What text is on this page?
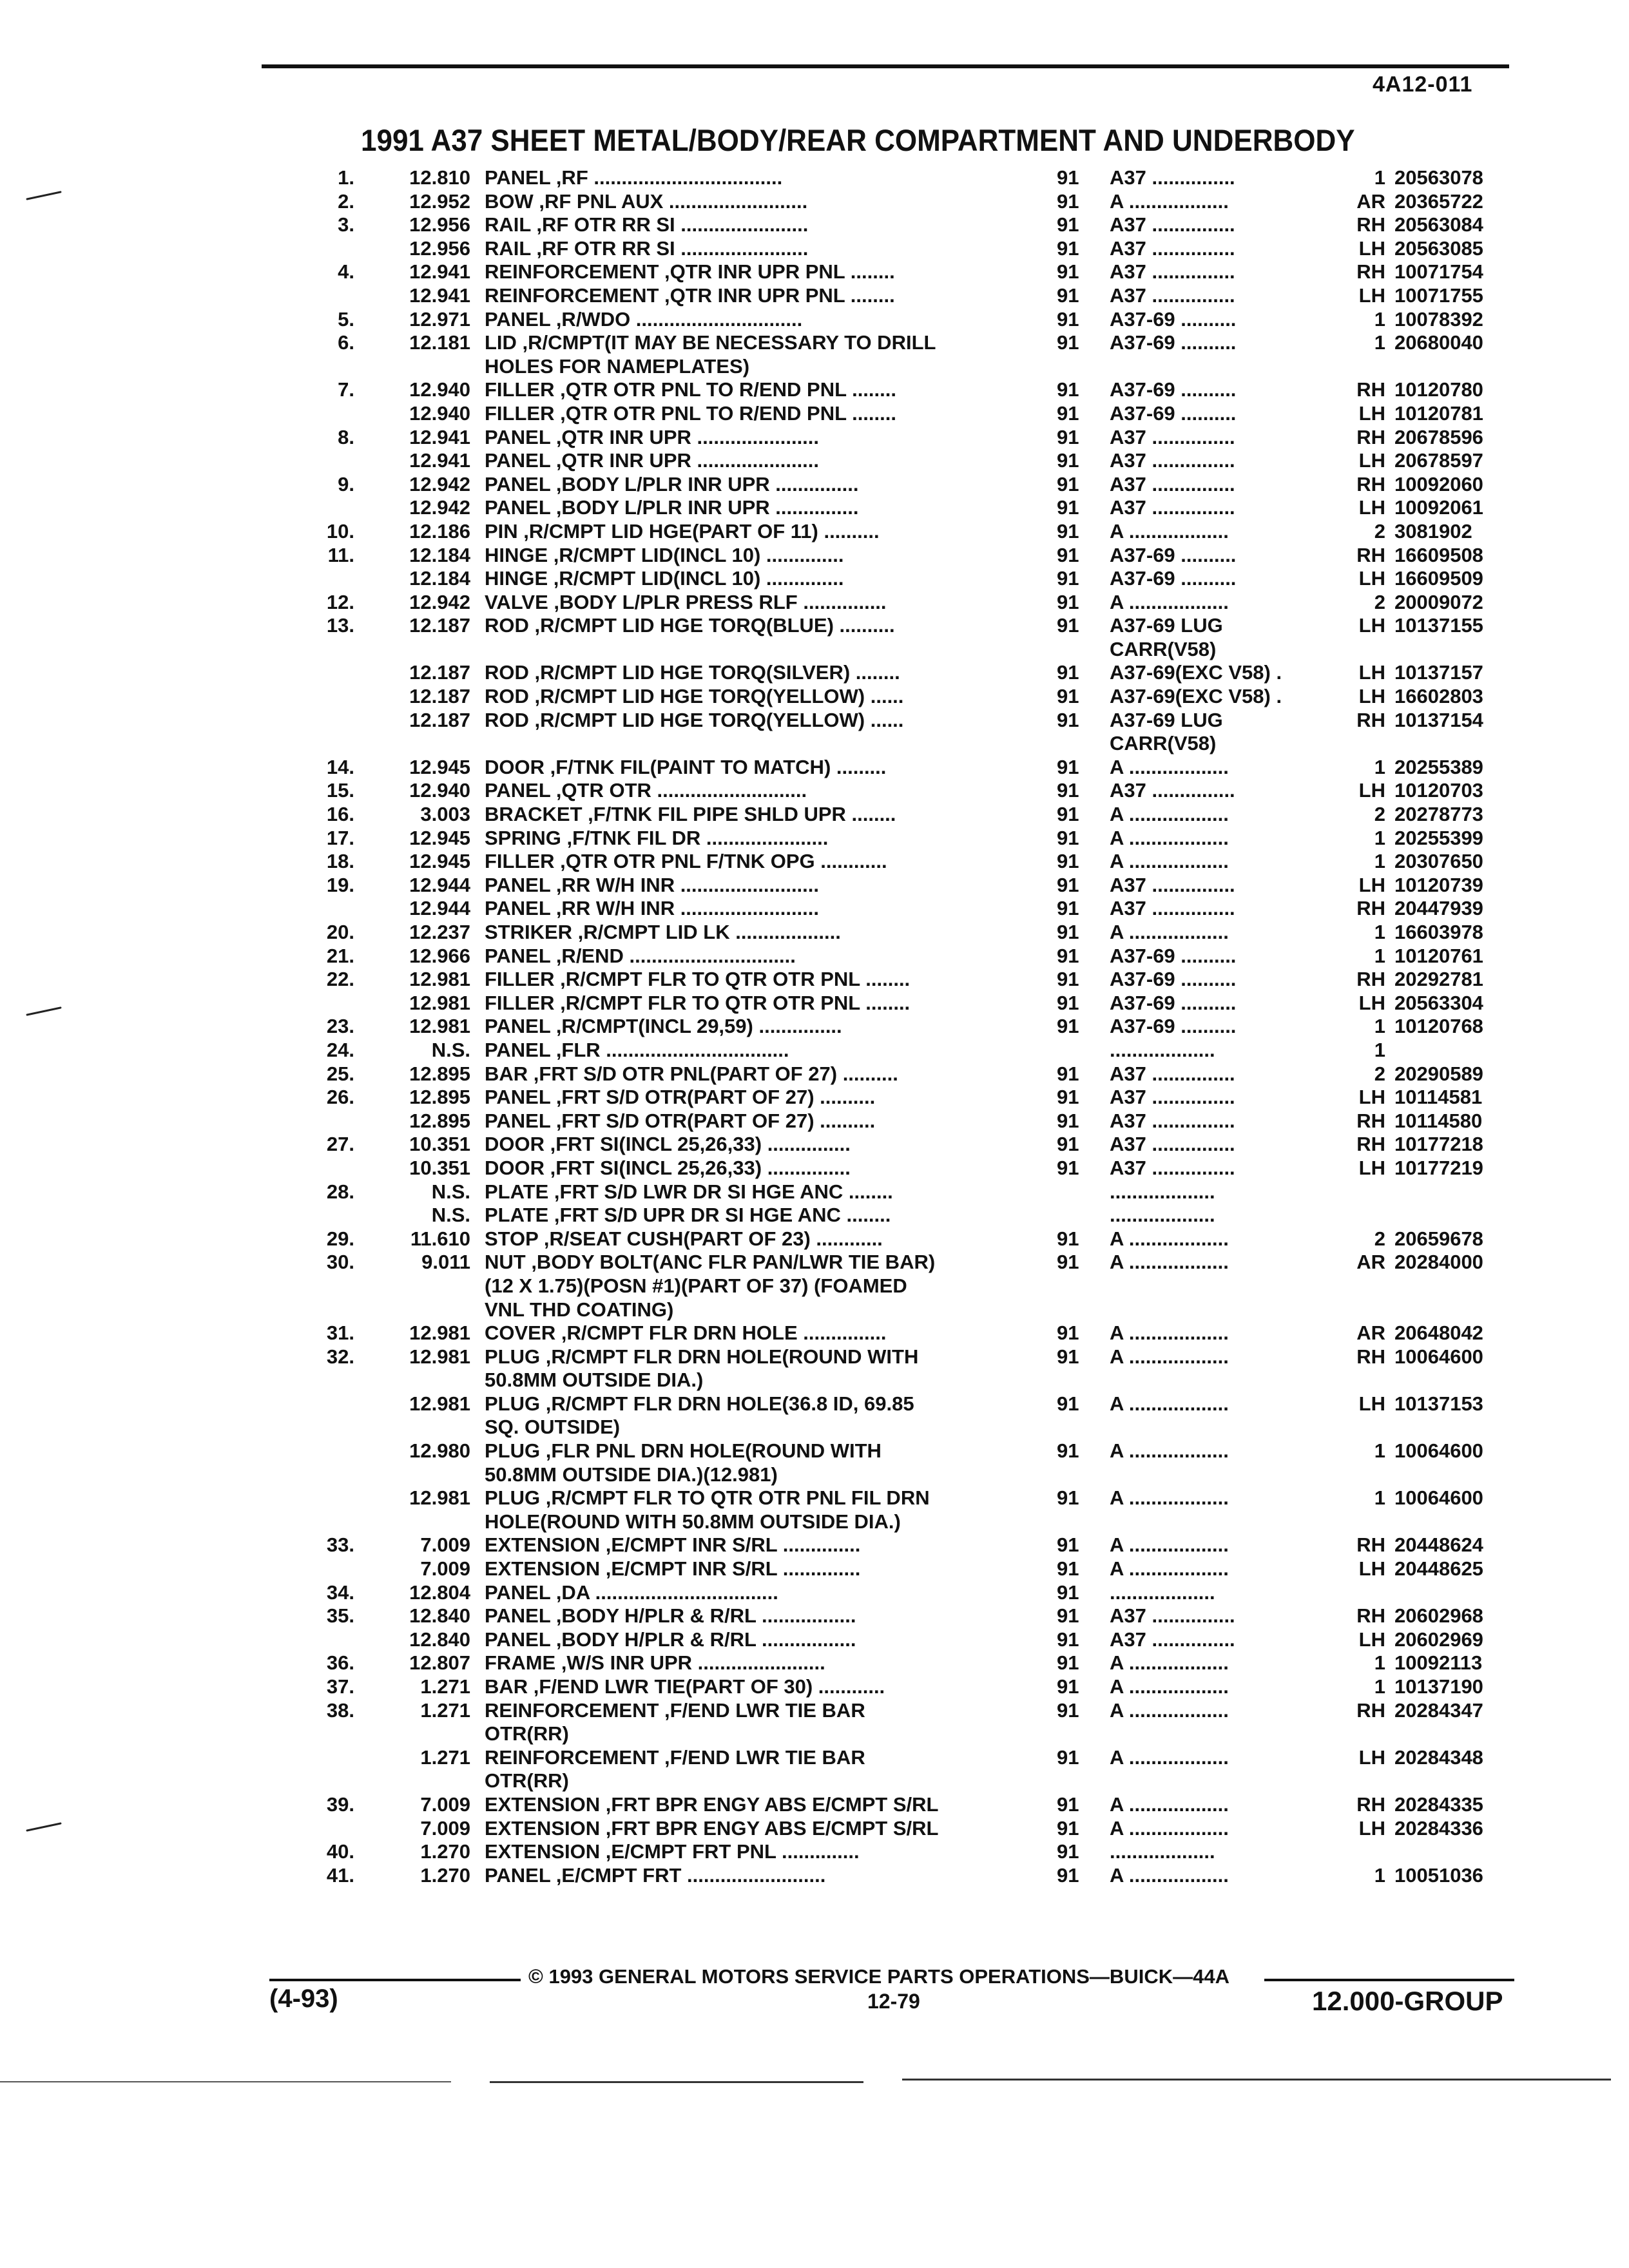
4A12-011
1991 A37 SHEET METAL/BODY/REAR COMPARTMENT AND UNDERBODY
1.	12.810 PANEL ,RF ..................................	91	A37 ...............	1 20563078
2.	12.952 BOW ,RF PNL AUX .........................	91	A ..................	AR 20365722
3.	12.956 RAIL ,RF OTR RR SI .......................	91	A37 ...............	RH 20563084
12.956 RAIL ,RF OTR RR SI .......................	91	A37 ...............	LH 20563085
4.	12.941 REINFORCEMENT ,QTR INR UPR PNL ........	91	A37 ...............	RH 10071754
12.941 REINFORCEMENT ,QTR INR UPR PNL ........	91	A37 ...............	LH 10071755
5.	12.971 PANEL ,R/WDO ..............................	91	A37-69 ..........	1 10078392
6.	12.181 LID ,R/CMPT(IT MAY BE NECESSARY TO DRILL	91	A37-69 ..........	1 20680040
HOLES FOR NAMEPLATES)
7.	12.940 FILLER ,QTR OTR PNL TO R/END PNL ........	91	A37-69 ..........	RH 10120780
12.940 FILLER ,QTR OTR PNL TO R/END PNL ........	91	A37-69 ..........	LH 10120781
8.	12.941 PANEL ,QTR INR UPR ......................	91	A37 ...............	RH 20678596
12.941 PANEL ,QTR INR UPR ......................	91	A37 ...............	LH 20678597
9.	12.942 PANEL ,BODY L/PLR INR UPR ...............	91	A37 ...............	RH 10092060
12.942 PANEL ,BODY L/PLR INR UPR ...............	91	A37 ...............	LH 10092061
10.	12.186 PIN ,R/CMPT LID HGE(PART OF 11) ..........	91	A ..................	2 3081902
11.	12.184 HINGE ,R/CMPT LID(INCL 10) ..............	91	A37-69 ..........	RH 16609508
12.184 HINGE ,R/CMPT LID(INCL 10) ..............	91	A37-69 ..........	LH 16609509
12.	12.942 VALVE ,BODY L/PLR PRESS RLF ...............	91	A ..................	2 20009072
13.	12.187 ROD ,R/CMPT LID HGE TORQ(BLUE) ..........	91	A37-69 LUG	LH 10137155
CARR(V58)
12.187 ROD ,R/CMPT LID HGE TORQ(SILVER) ........	91	A37-69(EXC V58) .	LH 10137157
12.187 ROD ,R/CMPT LID HGE TORQ(YELLOW) ......	91	A37-69(EXC V58) .	LH 16602803
12.187 ROD ,R/CMPT LID HGE TORQ(YELLOW) ......	91	A37-69 LUG	RH 10137154
CARR(V58)
14.	12.945 DOOR ,F/TNK FIL(PAINT TO MATCH) .........	91	A ..................	1 20255389
15.	12.940 PANEL ,QTR OTR ...........................	91	A37 ...............	LH 10120703
16.	3.003 BRACKET ,F/TNK FIL PIPE SHLD UPR ........	91	A ..................	2 20278773
17.	12.945 SPRING ,F/TNK FIL DR ......................	91	A ..................	1 20255399
18.	12.945 FILLER ,QTR OTR PNL F/TNK OPG ............	91	A ..................	1 20307650
19.	12.944 PANEL ,RR W/H INR .........................	91	A37 ...............	LH 10120739
12.944 PANEL ,RR W/H INR .........................	91	A37 ...............	RH 20447939
20.	12.237 STRIKER ,R/CMPT LID LK ...................	91	A ..................	1 16603978
21.	12.966 PANEL ,R/END ..............................	91	A37-69 ..........	1 10120761
22.	12.981 FILLER ,R/CMPT FLR TO QTR OTR PNL ........	91	A37-69 ..........	RH 20292781
12.981 FILLER ,R/CMPT FLR TO QTR OTR PNL ........	91	A37-69 ..........	LH 20563304
23.	12.981 PANEL ,R/CMPT(INCL 29,59) ...............	91	A37-69 ..........	1 10120768
24.	N.S. PANEL ,FLR .................................	...................	1
25.	12.895 BAR ,FRT S/D OTR PNL(PART OF 27) ..........	91	A37 ...............	2 20290589
26.	12.895 PANEL ,FRT S/D OTR(PART OF 27) ..........	91	A37 ...............	LH 10114581
12.895 PANEL ,FRT S/D OTR(PART OF 27) ..........	91	A37 ...............	RH 10114580
27.	10.351 DOOR ,FRT SI(INCL 25,26,33) ...............	91	A37 ...............	RH 10177218
10.351 DOOR ,FRT SI(INCL 25,26,33) ...............	91	A37 ...............	LH 10177219
28.	N.S. PLATE ,FRT S/D LWR DR SI HGE ANC ........	...................
N.S. PLATE ,FRT S/D UPR DR SI HGE ANC ........	...................
29.	11.610 STOP ,R/SEAT CUSH(PART OF 23) ............	91	A ..................	2 20659678
30.	9.011 NUT ,BODY BOLT(ANC FLR PAN/LWR TIE BAR)	91	A ..................	AR 20284000
(12 X 1.75)(POSN #1)(PART OF 37) (FOAMED
VNL THD COATING)
31.	12.981 COVER ,R/CMPT FLR DRN HOLE ...............	91	A ..................	AR 20648042
32.	12.981 PLUG ,R/CMPT FLR DRN HOLE(ROUND WITH	91	A ..................	RH 10064600
50.8MM OUTSIDE DIA.)
12.981 PLUG ,R/CMPT FLR DRN HOLE(36.8 ID, 69.85	91	A ..................	LH 10137153
SQ. OUTSIDE)
12.980 PLUG ,FLR PNL DRN HOLE(ROUND WITH	91	A ..................	1 10064600
50.8MM OUTSIDE DIA.)(12.981)
12.981 PLUG ,R/CMPT FLR TO QTR OTR PNL FIL DRN	91	A ..................	1 10064600
HOLE(ROUND WITH 50.8MM OUTSIDE DIA.)
33.	7.009 EXTENSION ,E/CMPT INR S/RL ..............	91	A ..................	RH 20448624
7.009 EXTENSION ,E/CMPT INR S/RL ..............	91	A ..................	LH 20448625
34.	12.804 PANEL ,DA .................................	91	...................
35.	12.840 PANEL ,BODY H/PLR & R/RL .................	91	A37 ...............	RH 20602968
12.840 PANEL ,BODY H/PLR & R/RL .................	91	A37 ...............	LH 20602969
36.	12.807 FRAME ,W/S INR UPR .......................	91	A ..................	1 10092113
37.	1.271 BAR ,F/END LWR TIE(PART OF 30) ............	91	A ..................	1 10137190
38.	1.271 REINFORCEMENT ,F/END LWR TIE BAR	91	A ..................	RH 20284347
OTR(RR)
1.271 REINFORCEMENT ,F/END LWR TIE BAR	91	A ..................	LH 20284348
OTR(RR)
39.	7.009 EXTENSION ,FRT BPR ENGY ABS E/CMPT S/RL	91	A ..................	RH 20284335
7.009 EXTENSION ,FRT BPR ENGY ABS E/CMPT S/RL	91	A ..................	LH 20284336
40.	1.270 EXTENSION ,E/CMPT FRT PNL ..............	91	...................
41.	1.270 PANEL ,E/CMPT FRT .........................	91	A ..................	1 10051036
© 1993 GENERAL MOTORS SERVICE PARTS OPERATIONS—BUICK—44A
(4-93)	12-79	12.000-GROUP
